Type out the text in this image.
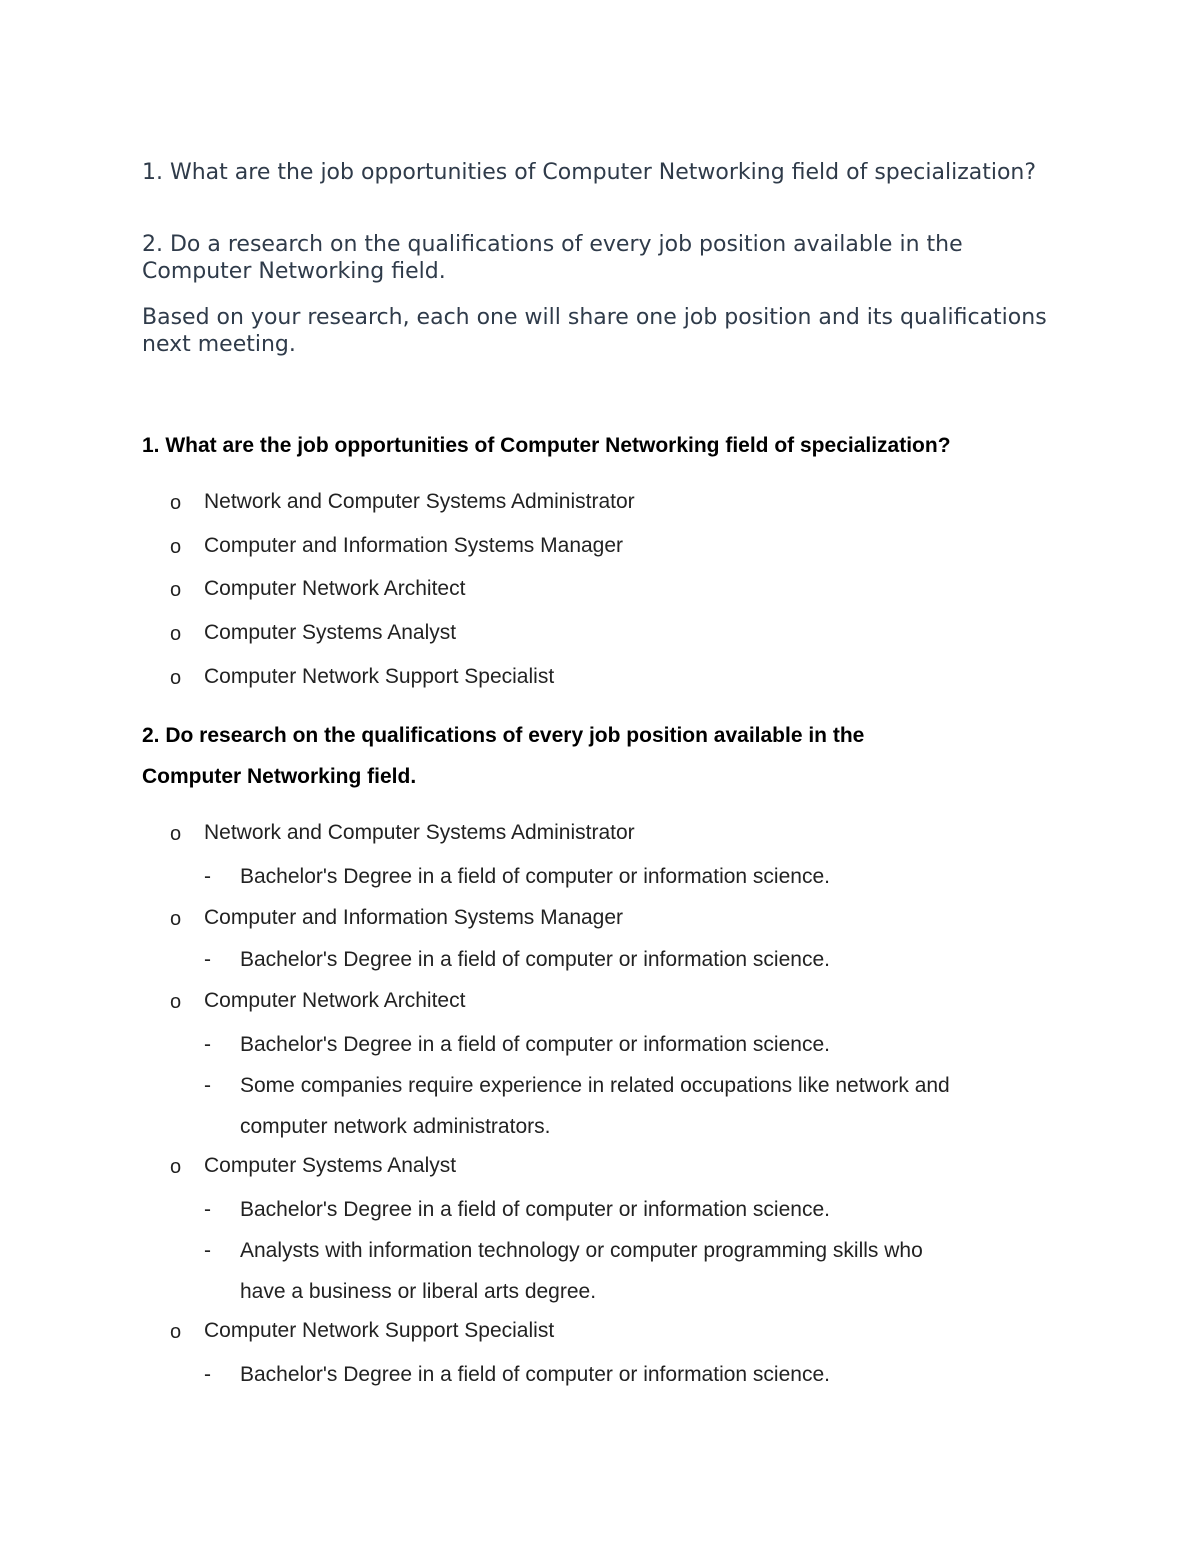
1. What are the job opportunities of Computer Networking field of specialization?

2. Do a research on the qualifications of every job position available in the Computer Networking field.

Based on your research, each one will share one job position and its qualifications next meeting.

1. What are the job opportunities of Computer Networking field of specialization?

o Network and Computer Systems Administrator
o Computer and Information Systems Manager
o Computer Network Architect
o Computer Systems Analyst
o Computer Network Support Specialist

2. Do research on the qualifications of every job position available in the

Computer Networking field.

o Network and Computer Systems Administrator
- Bachelor's Degree in a field of computer or information science.
o Computer and Information Systems Manager
- Bachelor's Degree in a field of computer or information science.
o Computer Network Architect
- Bachelor's Degree in a field of computer or information science.
- Some companies require experience in related occupations like network and
computer network administrators.
o Computer Systems Analyst
- Bachelor's Degree in a field of computer or information science.
- Analysts with information technology or computer programming skills who
have a business or liberal arts degree.
o Computer Network Support Specialist
- Bachelor's Degree in a field of computer or information science.
